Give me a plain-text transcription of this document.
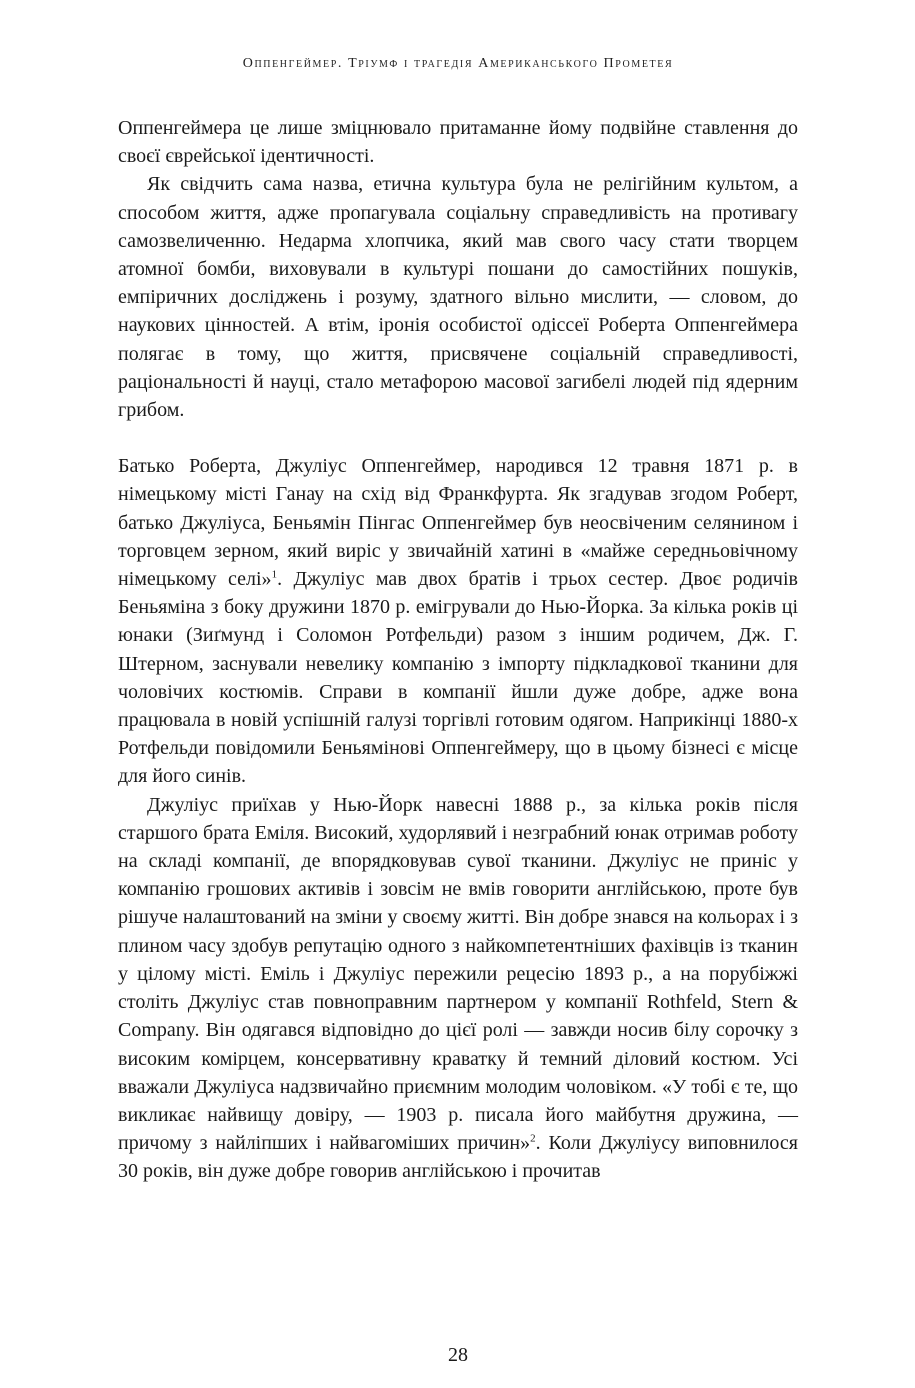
Оппенгеймер. Тріумф і трагедія Американського Прометея

Оппенгеймера це лише зміцнювало притаманне йому подвійне ставлення до своєї єврейської ідентичності.

Як свідчить сама назва, етична культура була не релігійним культом, а способом життя, адже пропагувала соціальну справедливість на противагу самозвеличенню. Недарма хлопчика, який мав свого часу стати творцем атомної бомби, виховували в культурі пошани до самостійних пошуків, емпіричних досліджень і розуму, здатного вільно мислити, — словом, до наукових цінностей. А втім, іронія особистої одіссеї Роберта Оппенгеймера полягає в тому, що життя, присвячене соціальній справедливості, раціональності й науці, стало метафорою масової загибелі людей під ядерним грибом.

Батько Роберта, Джуліус Оппенгеймер, народився 12 травня 1871 р. в німецькому місті Ганау на схід від Франкфурта. Як згадував згодом Роберт, батько Джуліуса, Беньямін Пінгас Оппенгеймер був неосвіченим селянином і торговцем зерном, який виріс у звичайній хатині в «майже середньовічному німецькому селі»$^1$. Джуліус мав двох братів і трьох сестер. Двоє родичів Беньяміна з боку дружини 1870 р. емігрували до Нью-Йорка. За кілька років ці юнаки (Зиґмунд і Соломон Ротфельди) разом з іншим родичем, Дж. Г. Штерном, заснували невелику компанію з імпорту підкладкової тканини для чоловічих костюмів. Справи в компанії йшли дуже добре, адже вона працювала в новій успішній галузі торгівлі готовим одягом. Наприкінці 1880-х Ротфельди повідомили Беньямінові Оппенгеймеру, що в цьому бізнесі є місце для його синів.

Джуліус приїхав у Нью-Йорк навесні 1888 р., за кілька років після старшого брата Еміля. Високий, худорлявий і незграбний юнак отримав роботу на складі компанії, де впорядковував сувої тканини. Джуліус не приніс у компанію грошових активів і зовсім не вмів говорити англійською, проте був рішуче налаштований на зміни у своєму житті. Він добре знався на кольорах і з плином часу здобув репутацію одного з найкомпетентніших фахівців із тканин у цілому місті. Еміль і Джуліус пережили рецесію 1893 р., а на порубіжжі століть Джуліус став повноправним партнером у компанії Rothfeld, Stern & Company. Він одягався відповідно до цієї ролі — завжди носив білу сорочку з високим комірцем, консервативну краватку й темний діловий костюм. Усі вважали Джуліуса надзвичайно приємним молодим чоловіком. «У тобі є те, що викликає найвищу довіру, — 1903 р. писала його майбутня дружина, — причому з найліпших і найвагоміших причин»$^2$. Коли Джуліусу виповнилося 30 років, він дуже добре говорив англійською і прочитав

28
